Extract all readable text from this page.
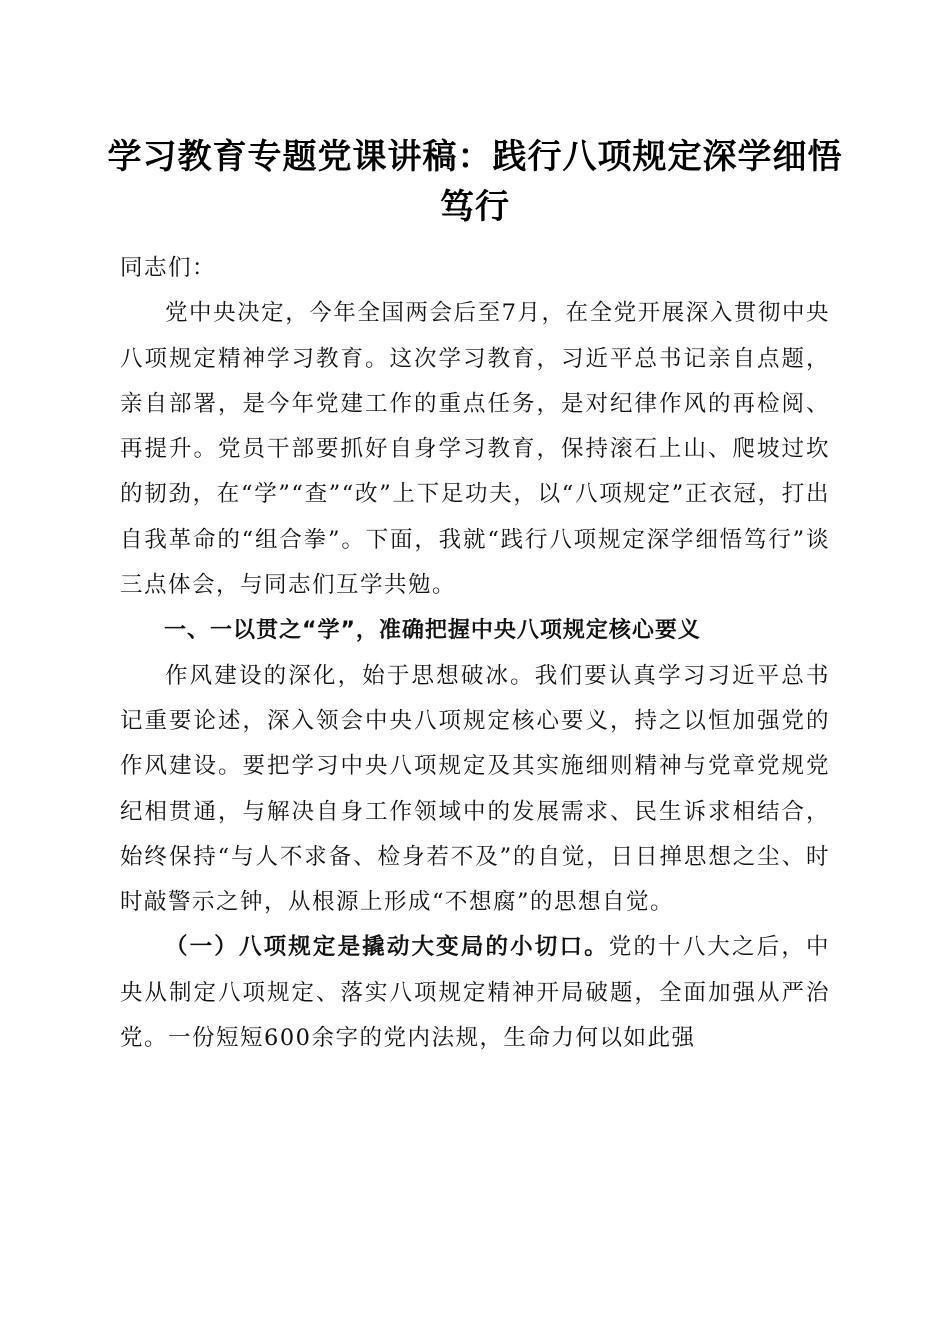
学习教育专题党课讲稿：践行八项规定深学细悟笃行

同志们：

党中央决定，今年全国两会后至7月，在全党开展深入贯彻中央八项规定精神学习教育。这次学习教育，习近平总书记亲自点题，亲自部署，是今年党建工作的重点任务，是对纪律作风的再检阅、再提升。党员干部要抓好自身学习教育，保持滚石上山、爬坡过坎的韧劲，在“学”“查”“改”上下足功夫，以“八项规定”正衣冠，打出自我革命的“组合拳”。下面，我就“践行八项规定深学细悟笃行”谈三点体会，与同志们互学共勉。

一、一以贯之“学”，准确把握中央八项规定核心要义

作风建设的深化，始于思想破冰。我们要认真学习习近平总书记重要论述，深入领会中央八项规定核心要义，持之以恒加强党的作风建设。要把学习中央八项规定及其实施细则精神与党章党规党纪相贯通，与解决自身工作领域中的发展需求、民生诉求相结合，始终保持“与人不求备、检身若不及”的自觉，日日掸思想之尘、时时敲警示之钟，从根源上形成“不想腐”的思想自觉。

（一）八项规定是撬动大变局的小切口。党的十八大之后，中央从制定八项规定、落实八项规定精神开局破题，全面加强从严治党。一份短短600余字的党内法规，生命力何以如此强
